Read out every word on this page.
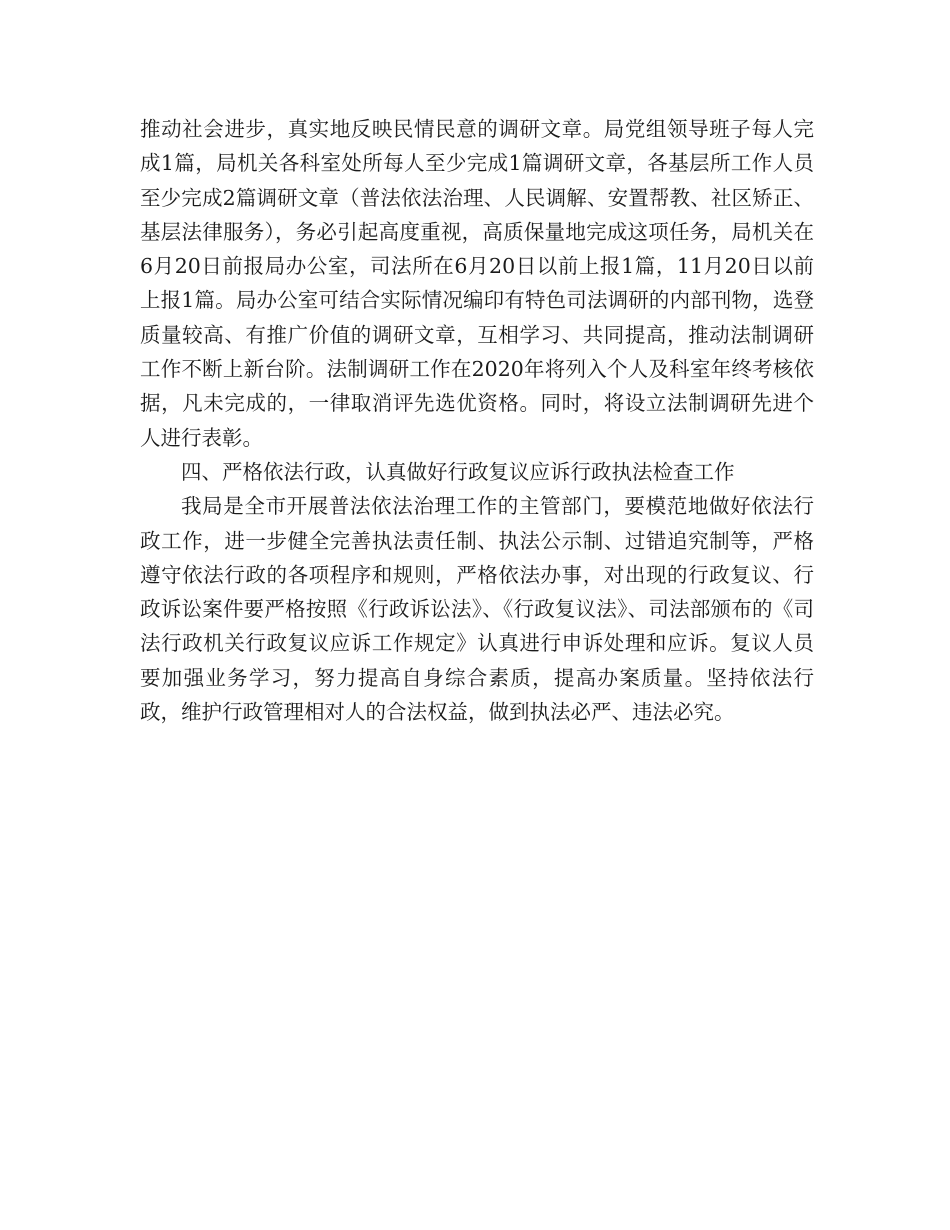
推动社会进步，真实地反映民情民意的调研文章。局党组领导班子每人完成1篇，局机关各科室处所每人至少完成1篇调研文章，各基层所工作人员至少完成2篇调研文章（普法依法治理、人民调解、安置帮教、社区矫正、基层法律服务），务必引起高度重视，高质保量地完成这项任务，局机关在6月20日前报局办公室，司法所在6月20日以前上报1篇，11月20日以前上报1篇。局办公室可结合实际情况编印有特色司法调研的内部刊物，选登质量较高、有推广价值的调研文章，互相学习、共同提高，推动法制调研工作不断上新台阶。法制调研工作在2020年将列入个人及科室年终考核依据，凡未完成的，一律取消评先选优资格。同时，将设立法制调研先进个人进行表彰。

四、严格依法行政，认真做好行政复议应诉行政执法检查工作

我局是全市开展普法依法治理工作的主管部门，要模范地做好依法行政工作，进一步健全完善执法责任制、执法公示制、过错追究制等，严格遵守依法行政的各项程序和规则，严格依法办事，对出现的行政复议、行政诉讼案件要严格按照《行政诉讼法》、《行政复议法》、司法部颁布的《司法行政机关行政复议应诉工作规定》认真进行申诉处理和应诉。复议人员要加强业务学习，努力提高自身综合素质，提高办案质量。坚持依法行政，维护行政管理相对人的合法权益，做到执法必严、违法必究。
